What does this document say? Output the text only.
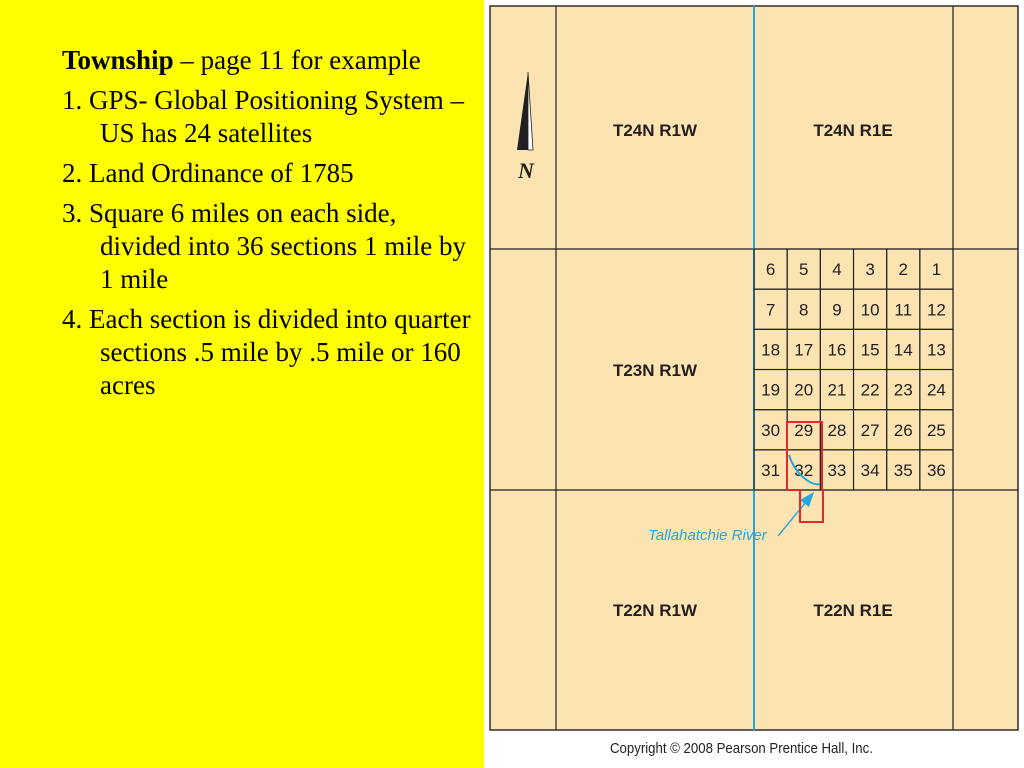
Township – page 11 for example

1. GPS- Global Positioning System – US has 24 satellites

2. Land Ordinance of 1785

3. Square 6 miles on each side, divided into 36 sections 1 mile by 1 mile

4. Each section is divided into quarter sections .5 mile by .5 mile or 160 acres

6 5 4 3 2 1
7 8 9 10 11 12
18 17 16 15 14 13
19 20 21 22 23 24
30 29 28 27 26 25
31 32 33 34 35 36
N
T24N R1W	T24N R1E
T23N R1W
T22N R1W	T22N R1E
Tallahatchie River
Copyright © 2008 Pearson Prentice Hall, Inc.
